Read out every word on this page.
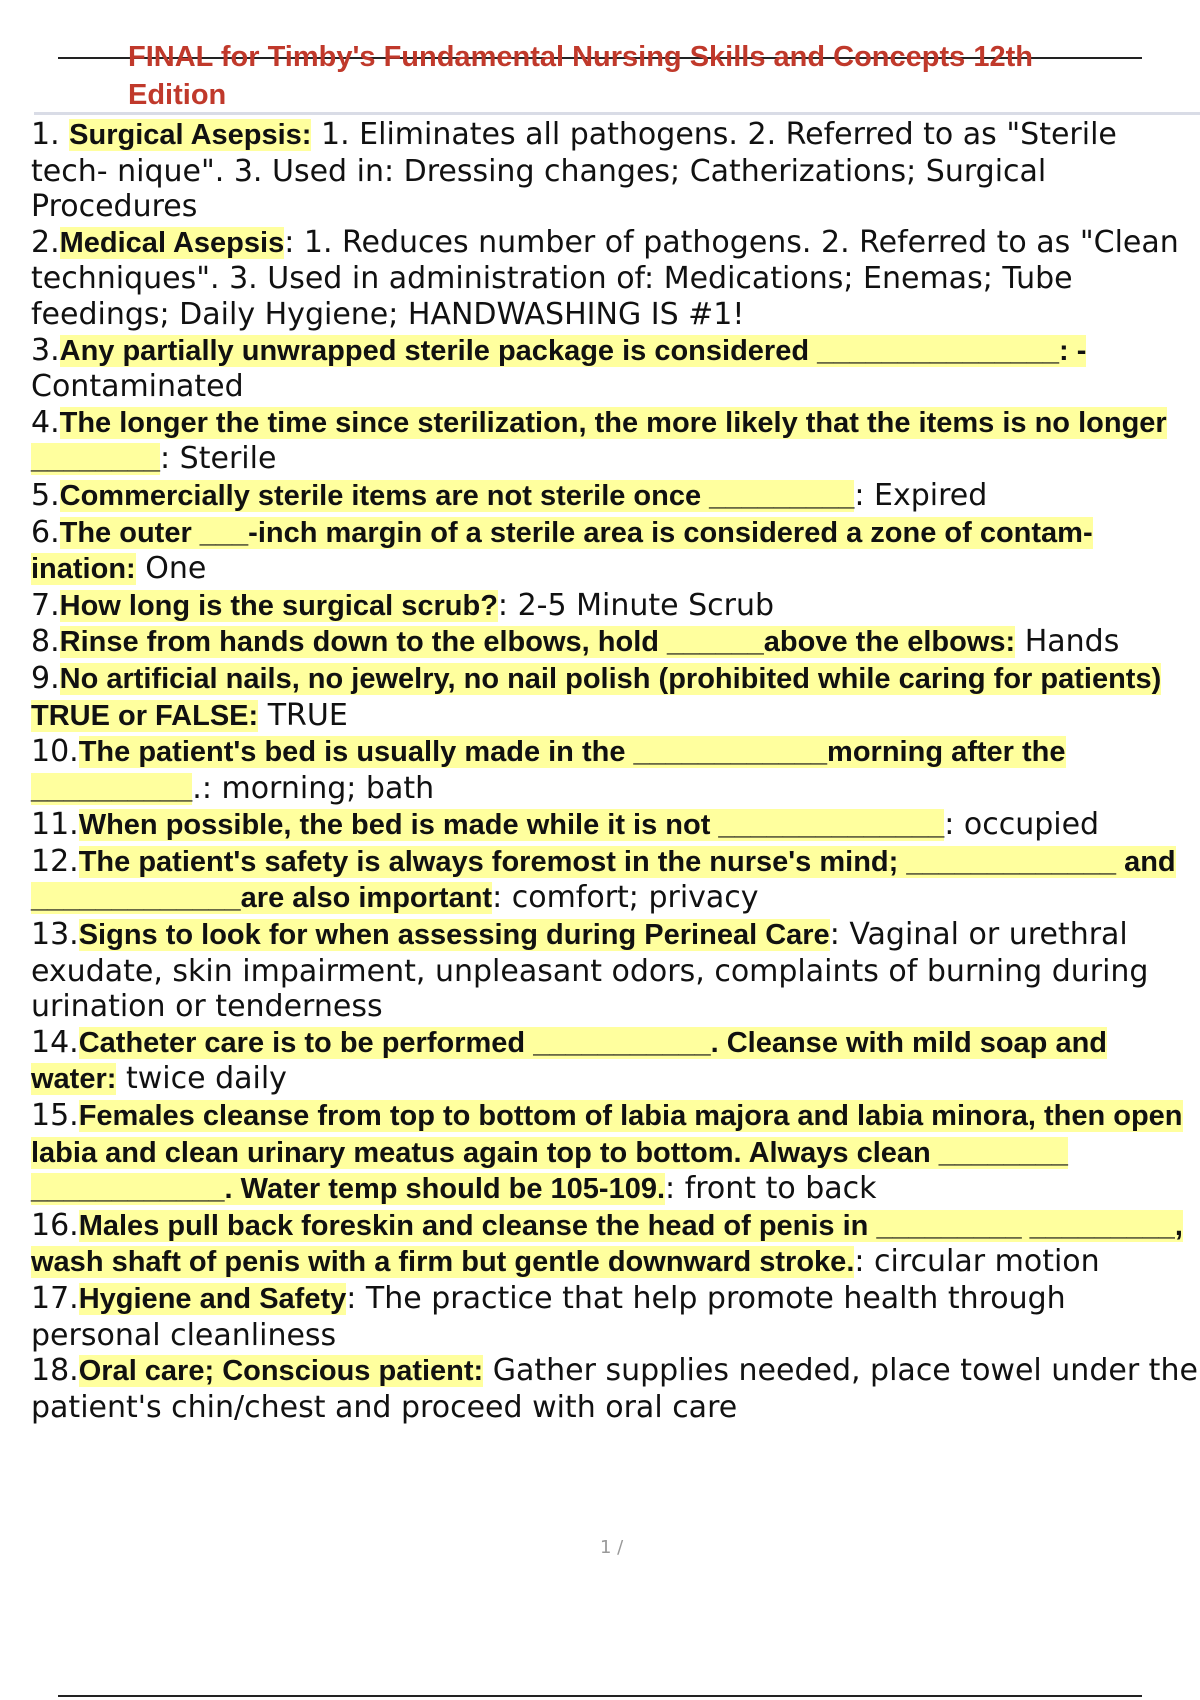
FINAL for Timby's Fundamental Nursing Skills and Concepts 12th Edition
1. Surgical Asepsis: 1. Eliminates all pathogens. 2. Referred to as "Sterile tech- nique". 3. Used in: Dressing changes; Catherizations; Surgical Procedures
2.Medical Asepsis: 1. Reduces number of pathogens. 2. Referred to as "Clean techniques". 3. Used in administration of: Medications; Enemas; Tube feedings; Daily Hygiene; HANDWASHING IS #1!
3.Any partially unwrapped sterile package is considered _______________: - Contaminated
4.The longer the time since sterilization, the more likely that the items is no longer ________: Sterile
5.Commercially sterile items are not sterile once _________: Expired
6.The outer ___-inch margin of a sterile area is considered a zone of contam- ination: One
7.How long is the surgical scrub?: 2-5 Minute Scrub
8.Rinse from hands down to the elbows, hold ______above the elbows: Hands
9.No artificial nails, no jewelry, no nail polish (prohibited while caring for patients) TRUE or FALSE: TRUE
10.The patient's bed is usually made in the ____________morning after the __________.: morning; bath
11.When possible, the bed is made while it is not ______________: occupied
12.The patient's safety is always foremost in the nurse's mind; _____________ and _____________are also important: comfort; privacy
13.Signs to look for when assessing during Perineal Care: Vaginal or urethral exudate, skin impairment, unpleasant odors, complaints of burning during urination or tenderness
14.Catheter care is to be performed ___________. Cleanse with mild soap and water: twice daily
15.Females cleanse from top to bottom of labia majora and labia minora, then open labia and clean urinary meatus again top to bottom. Always clean ________ ____________. Water temp should be 105-109.: front to back
16.Males pull back foreskin and cleanse the head of penis in _________ _________, wash shaft of penis with a firm but gentle downward stroke.: circular motion
17.Hygiene and Safety: The practice that help promote health through personal cleanliness
18.Oral care; Conscious patient: Gather supplies needed, place towel under the patient's chin/chest and proceed with oral care
1 /
